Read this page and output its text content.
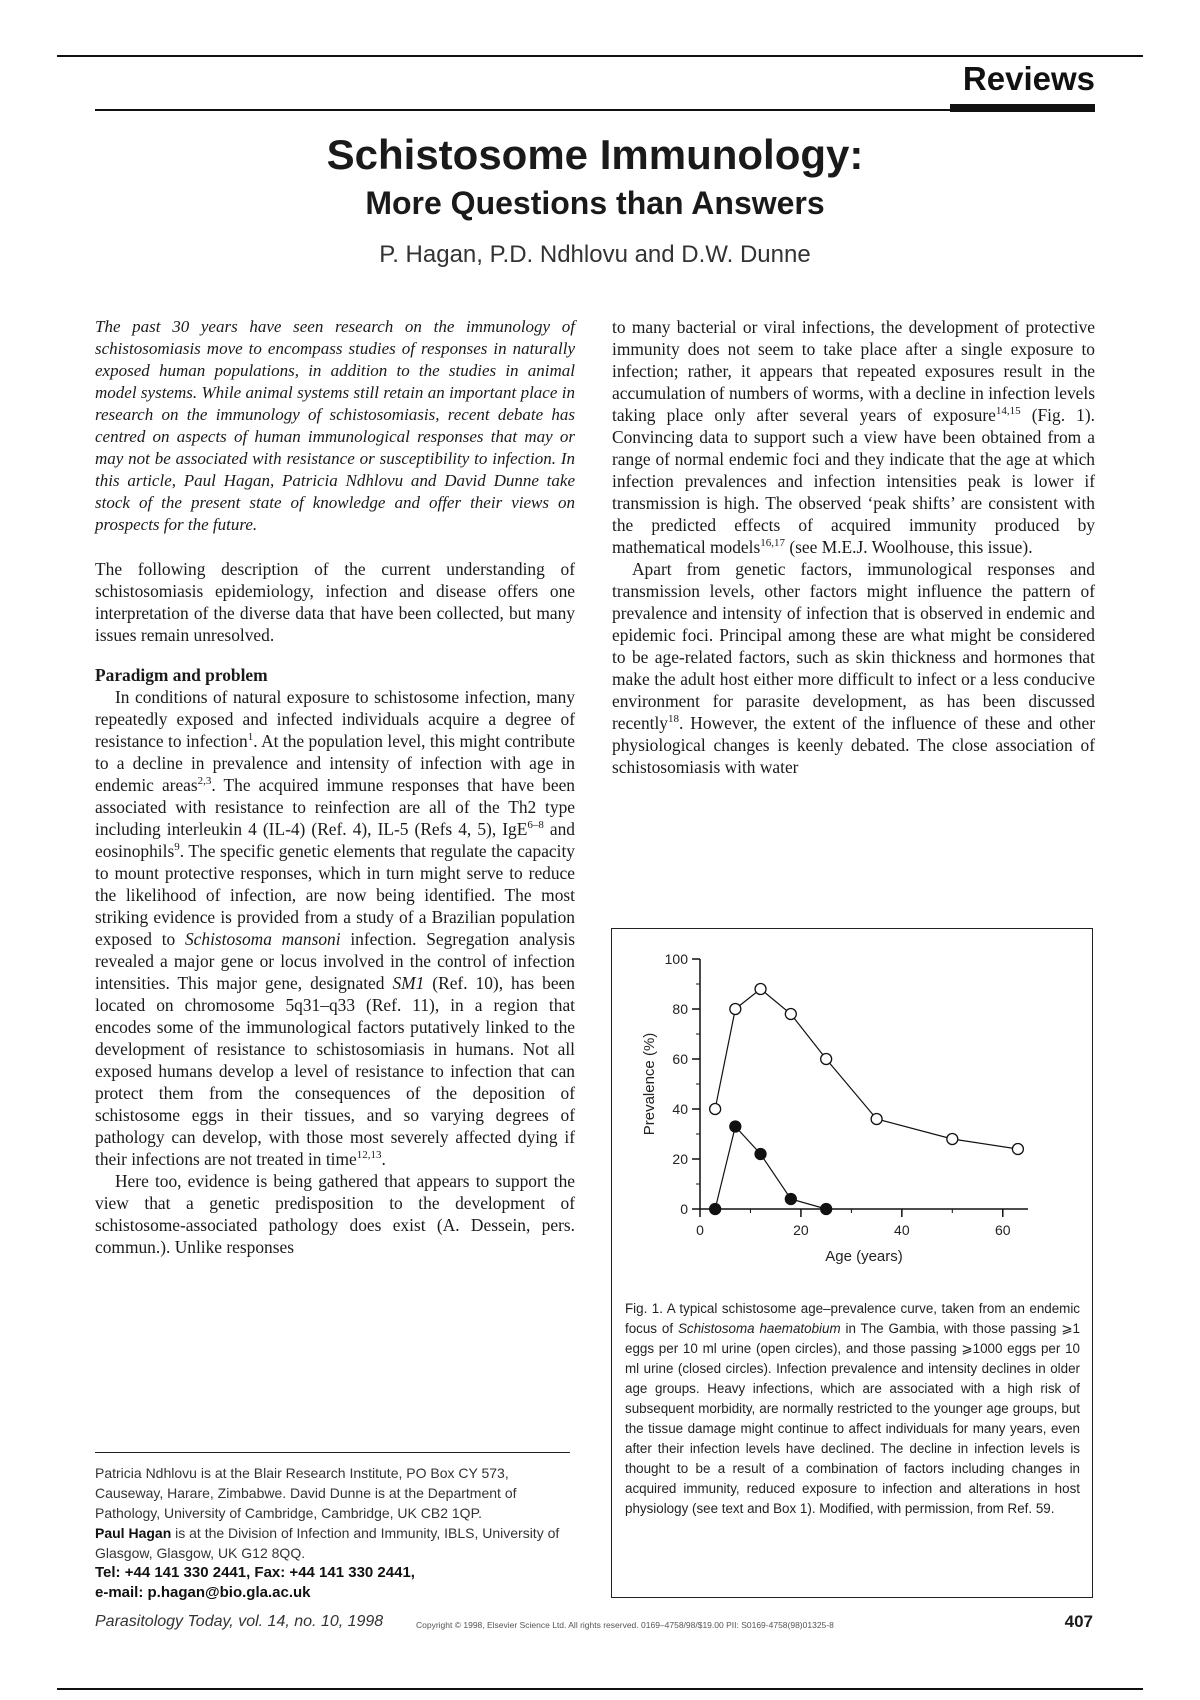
Reviews
Schistosome Immunology:
More Questions than Answers
P. Hagan, P.D. Ndhlovu and D.W. Dunne

The past 30 years have seen research on the immunology of schistosomiasis move to encompass studies of responses in naturally exposed human populations, in addition to the studies in animal model systems. While animal systems still retain an important place in research on the immunology of schistosomiasis, recent debate has centred on aspects of human immunological responses that may or may not be associated with resistance or susceptibility to infection. In this article, Paul Hagan, Patricia Ndhlovu and David Dunne take stock of the present state of knowledge and offer their views on prospects for the future.

The following description of the current understanding of schistosomiasis epidemiology, infection and disease offers one interpretation of the diverse data that have been collected, but many issues remain unresolved.

Paradigm and problem

In conditions of natural exposure to schistosome infection, many repeatedly exposed and infected individuals acquire a degree of resistance to infection$^1$. At the population level, this might contribute to a decline in prevalence and intensity of infection with age in endemic areas$^{2,3}$. The acquired immune responses that have been associated with resistance to reinfection are all of the Th2 type including interleukin 4 (IL-4) (Ref. 4), IL-5 (Refs 4, 5), IgE$^{6-8}$ and eosinophils$^9$. The specific genetic elements that regulate the capacity to mount protective responses, which in turn might serve to reduce the likelihood of infection, are now being identified. The most striking evidence is provided from a study of a Brazilian population exposed to Schistosoma mansoni infection. Segregation analysis revealed a major gene or locus involved in the control of infection intensities. This major gene, designated SM1 (Ref. 10), has been located on chromosome 5q31–q33 (Ref. 11), in a region that encodes some of the immunological factors putatively linked to the development of resistance to schistosomiasis in humans. Not all exposed humans develop a level of resistance to infection that can protect them from the consequences of the deposition of schistosome eggs in their tissues, and so varying degrees of pathology can develop, with those most severely affected dying if their infections are not treated in time$^{12,13}$.

Here too, evidence is being gathered that appears to support the view that a genetic predisposition to the development of schistosome-associated pathology does exist (A. Dessein, pers. commun.). Unlike responses

to many bacterial or viral infections, the development of protective immunity does not seem to take place after a single exposure to infection; rather, it appears that repeated exposures result in the accumulation of numbers of worms, with a decline in infection levels taking place only after several years of exposure$^{14,15}$ (Fig. 1). Convincing data to support such a view have been obtained from a range of normal endemic foci and they indicate that the age at which infection prevalences and infection intensities peak is lower if transmission is high. The observed ‘peak shifts’ are consistent with the predicted effects of acquired immunity produced by mathematical models$^{16,17}$ (see M.E.J. Woolhouse, this issue).

Apart from genetic factors, immunological responses and transmission levels, other factors might influence the pattern of prevalence and intensity of infection that is observed in endemic and epidemic foci. Principal among these are what might be considered to be age-related factors, such as skin thickness and hormones that make the adult host either more difficult to infect or a less conducive environment for parasite development, as has been discussed recently$^{18}$. However, the extent of the influence of these and other physiological changes is keenly debated. The close association of schistosomiasis with water

Patricia Ndhlovu is at the Blair Research Institute, PO Box CY 573, Causeway, Harare, Zimbabwe. David Dunne is at the Department of Pathology, University of Cambridge, Cambridge, UK CB2 1QP.
Paul Hagan is at the Division of Infection and Immunity, IBLS, University of Glasgow, Glasgow, UK G12 8QQ.
Tel: +44 141 330 2441, Fax: +44 141 330 2441,
e-mail: p.hagan@bio.gla.ac.uk
0
20
40
60
80
100
0	20	40	60
Age (years)
Prevalence (%)
Fig. 1. A typical schistosome age–prevalence curve, taken from an endemic focus of Schistosoma haematobium in The Gambia, with those passing ⩾1 eggs per 10 ml urine (open circles), and those passing ⩾1000 eggs per 10 ml urine (closed circles). Infection prevalence and intensity declines in older age groups. Heavy infections, which are associated with a high risk of subsequent morbidity, are normally restricted to the younger age groups, but the tissue damage might continue to affect individuals for many years, even after their infection levels have declined. The decline in infection levels is thought to be a result of a combination of factors including changes in acquired immunity, reduced exposure to infection and alterations in host physiology (see text and Box 1). Modified, with permission, from Ref. 59.
Parasitology Today, vol. 14, no. 10, 1998	Copyright © 1998, Elsevier Science Ltd. All rights reserved. 0169–4758/98/$19.00 PII: S0169-4758(98)01325-8	407
